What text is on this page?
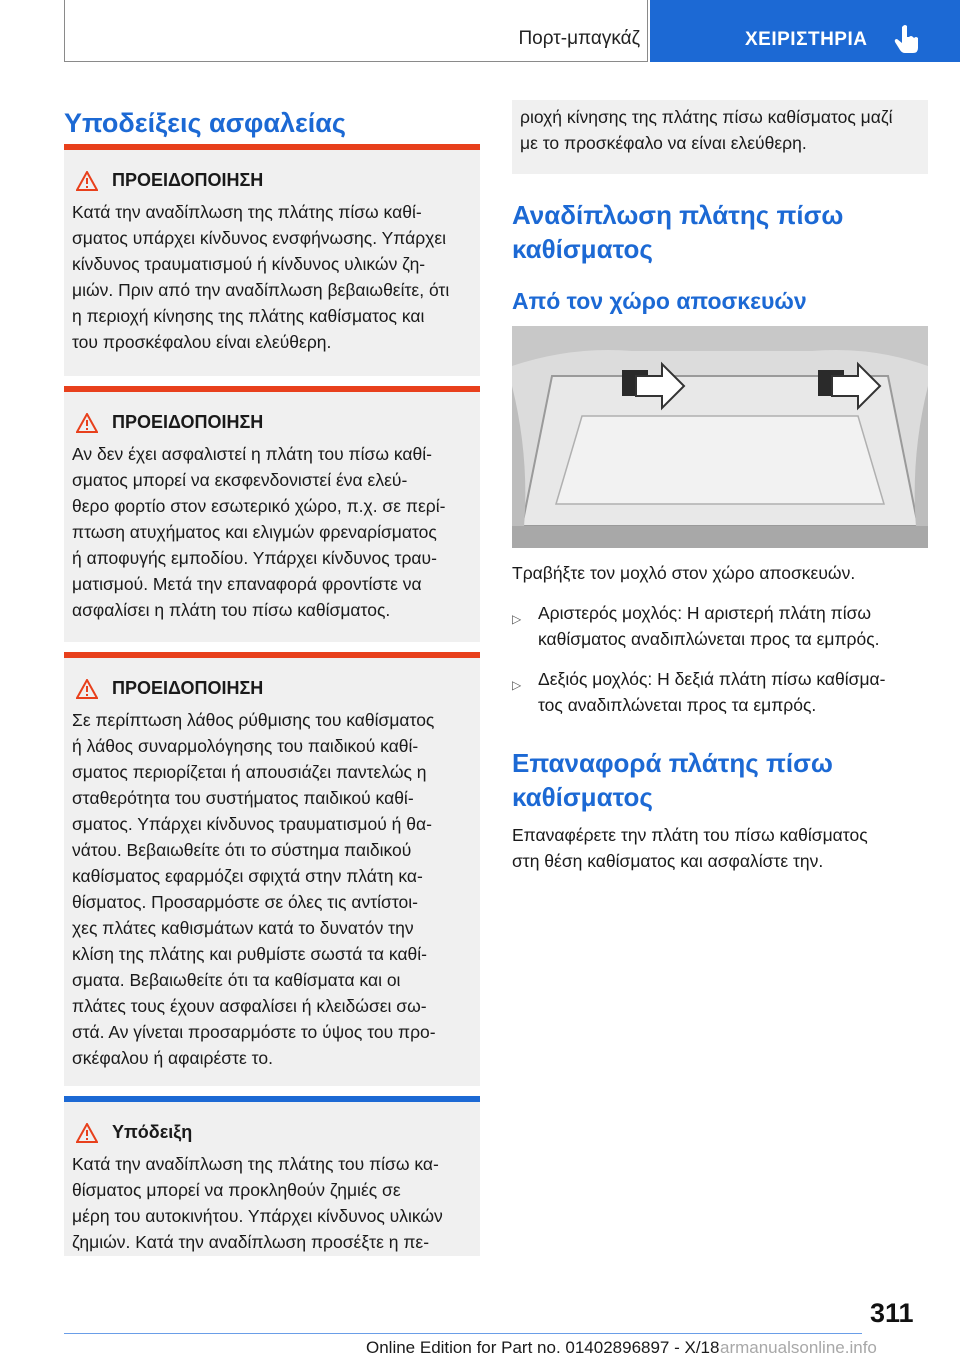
Πορτ-μπαγκάζ	ΧΕΙΡΙΣΤΗΡΙΑ
Υποδείξεις ασφαλείας
ΠΡΟΕΙΔΟΠΟΙΗΣΗ
Κατά την αναδίπλωση της πλάτης πίσω καθί-
σματος υπάρχει κίνδυνος ενσφήνωσης. Υπάρχει
κίνδυνος τραυματισμού ή κίνδυνος υλικών ζη-
μιών. Πριν από την αναδίπλωση βεβαιωθείτε, ότι
η περιοχή κίνησης της πλάτης καθίσματος και
του προσκέφαλου είναι ελεύθερη.
ΠΡΟΕΙΔΟΠΟΙΗΣΗ
Αν δεν έχει ασφαλιστεί η πλάτη του πίσω καθί-
σματος μπορεί να εκσφενδονιστεί ένα ελεύ-
θερο φορτίο στον εσωτερικό χώρο, π.χ. σε περί-
πτωση ατυχήματος και ελιγμών φρεναρίσματος
ή αποφυγής εμποδίου. Υπάρχει κίνδυνος τραυ-
ματισμού. Μετά την επαναφορά φροντίστε να
ασφαλίσει η πλάτη του πίσω καθίσματος.
ΠΡΟΕΙΔΟΠΟΙΗΣΗ
Σε περίπτωση λάθος ρύθμισης του καθίσματος
ή λάθος συναρμολόγησης του παιδικού καθί-
σματος περιορίζεται ή απουσιάζει παντελώς η
σταθερότητα του συστήματος παιδικού καθί-
σματος. Υπάρχει κίνδυνος τραυματισμού ή θα-
νάτου. Βεβαιωθείτε ότι το σύστημα παιδικού
καθίσματος εφαρμόζει σφιχτά στην πλάτη κα-
θίσματος. Προσαρμόστε σε όλες τις αντίστοι-
χες πλάτες καθισμάτων κατά το δυνατόν την
κλίση της πλάτης και ρυθμίστε σωστά τα καθί-
σματα. Βεβαιωθείτε ότι τα καθίσματα και οι
πλάτες τους έχουν ασφαλίσει ή κλειδώσει σω-
στά. Αν γίνεται προσαρμόστε το ύψος του προ-
σκέφαλου ή αφαιρέστε το.
Υπόδειξη
Κατά την αναδίπλωση της πλάτης του πίσω κα-
θίσματος μπορεί να προκληθούν ζημιές σε
μέρη του αυτοκινήτου. Υπάρχει κίνδυνος υλικών
ζημιών. Κατά την αναδίπλωση προσέξτε η πε-
ριοχή κίνησης της πλάτης πίσω καθίσματος μαζί
με το προσκέφαλο να είναι ελεύθερη.
Αναδίπλωση πλάτης πίσω
καθίσματος
Από τον χώρο αποσκευών
Τραβήξτε τον μοχλό στον χώρο αποσκευών.
▷ Αριστερός μοχλός: Η αριστερή πλάτη πίσω
καθίσματος αναδιπλώνεται προς τα εμπρός.
▷ Δεξιός μοχλός: Η δεξιά πλάτη πίσω καθίσμα-
τος αναδιπλώνεται προς τα εμπρός.
Επαναφορά πλάτης πίσω
καθίσματος
Επαναφέρετε την πλάτη του πίσω καθίσματος
στη θέση καθίσματος και ασφαλίστε την.
311
Online Edition for Part no. 01402896897 - X/18 armanualsonline.info
